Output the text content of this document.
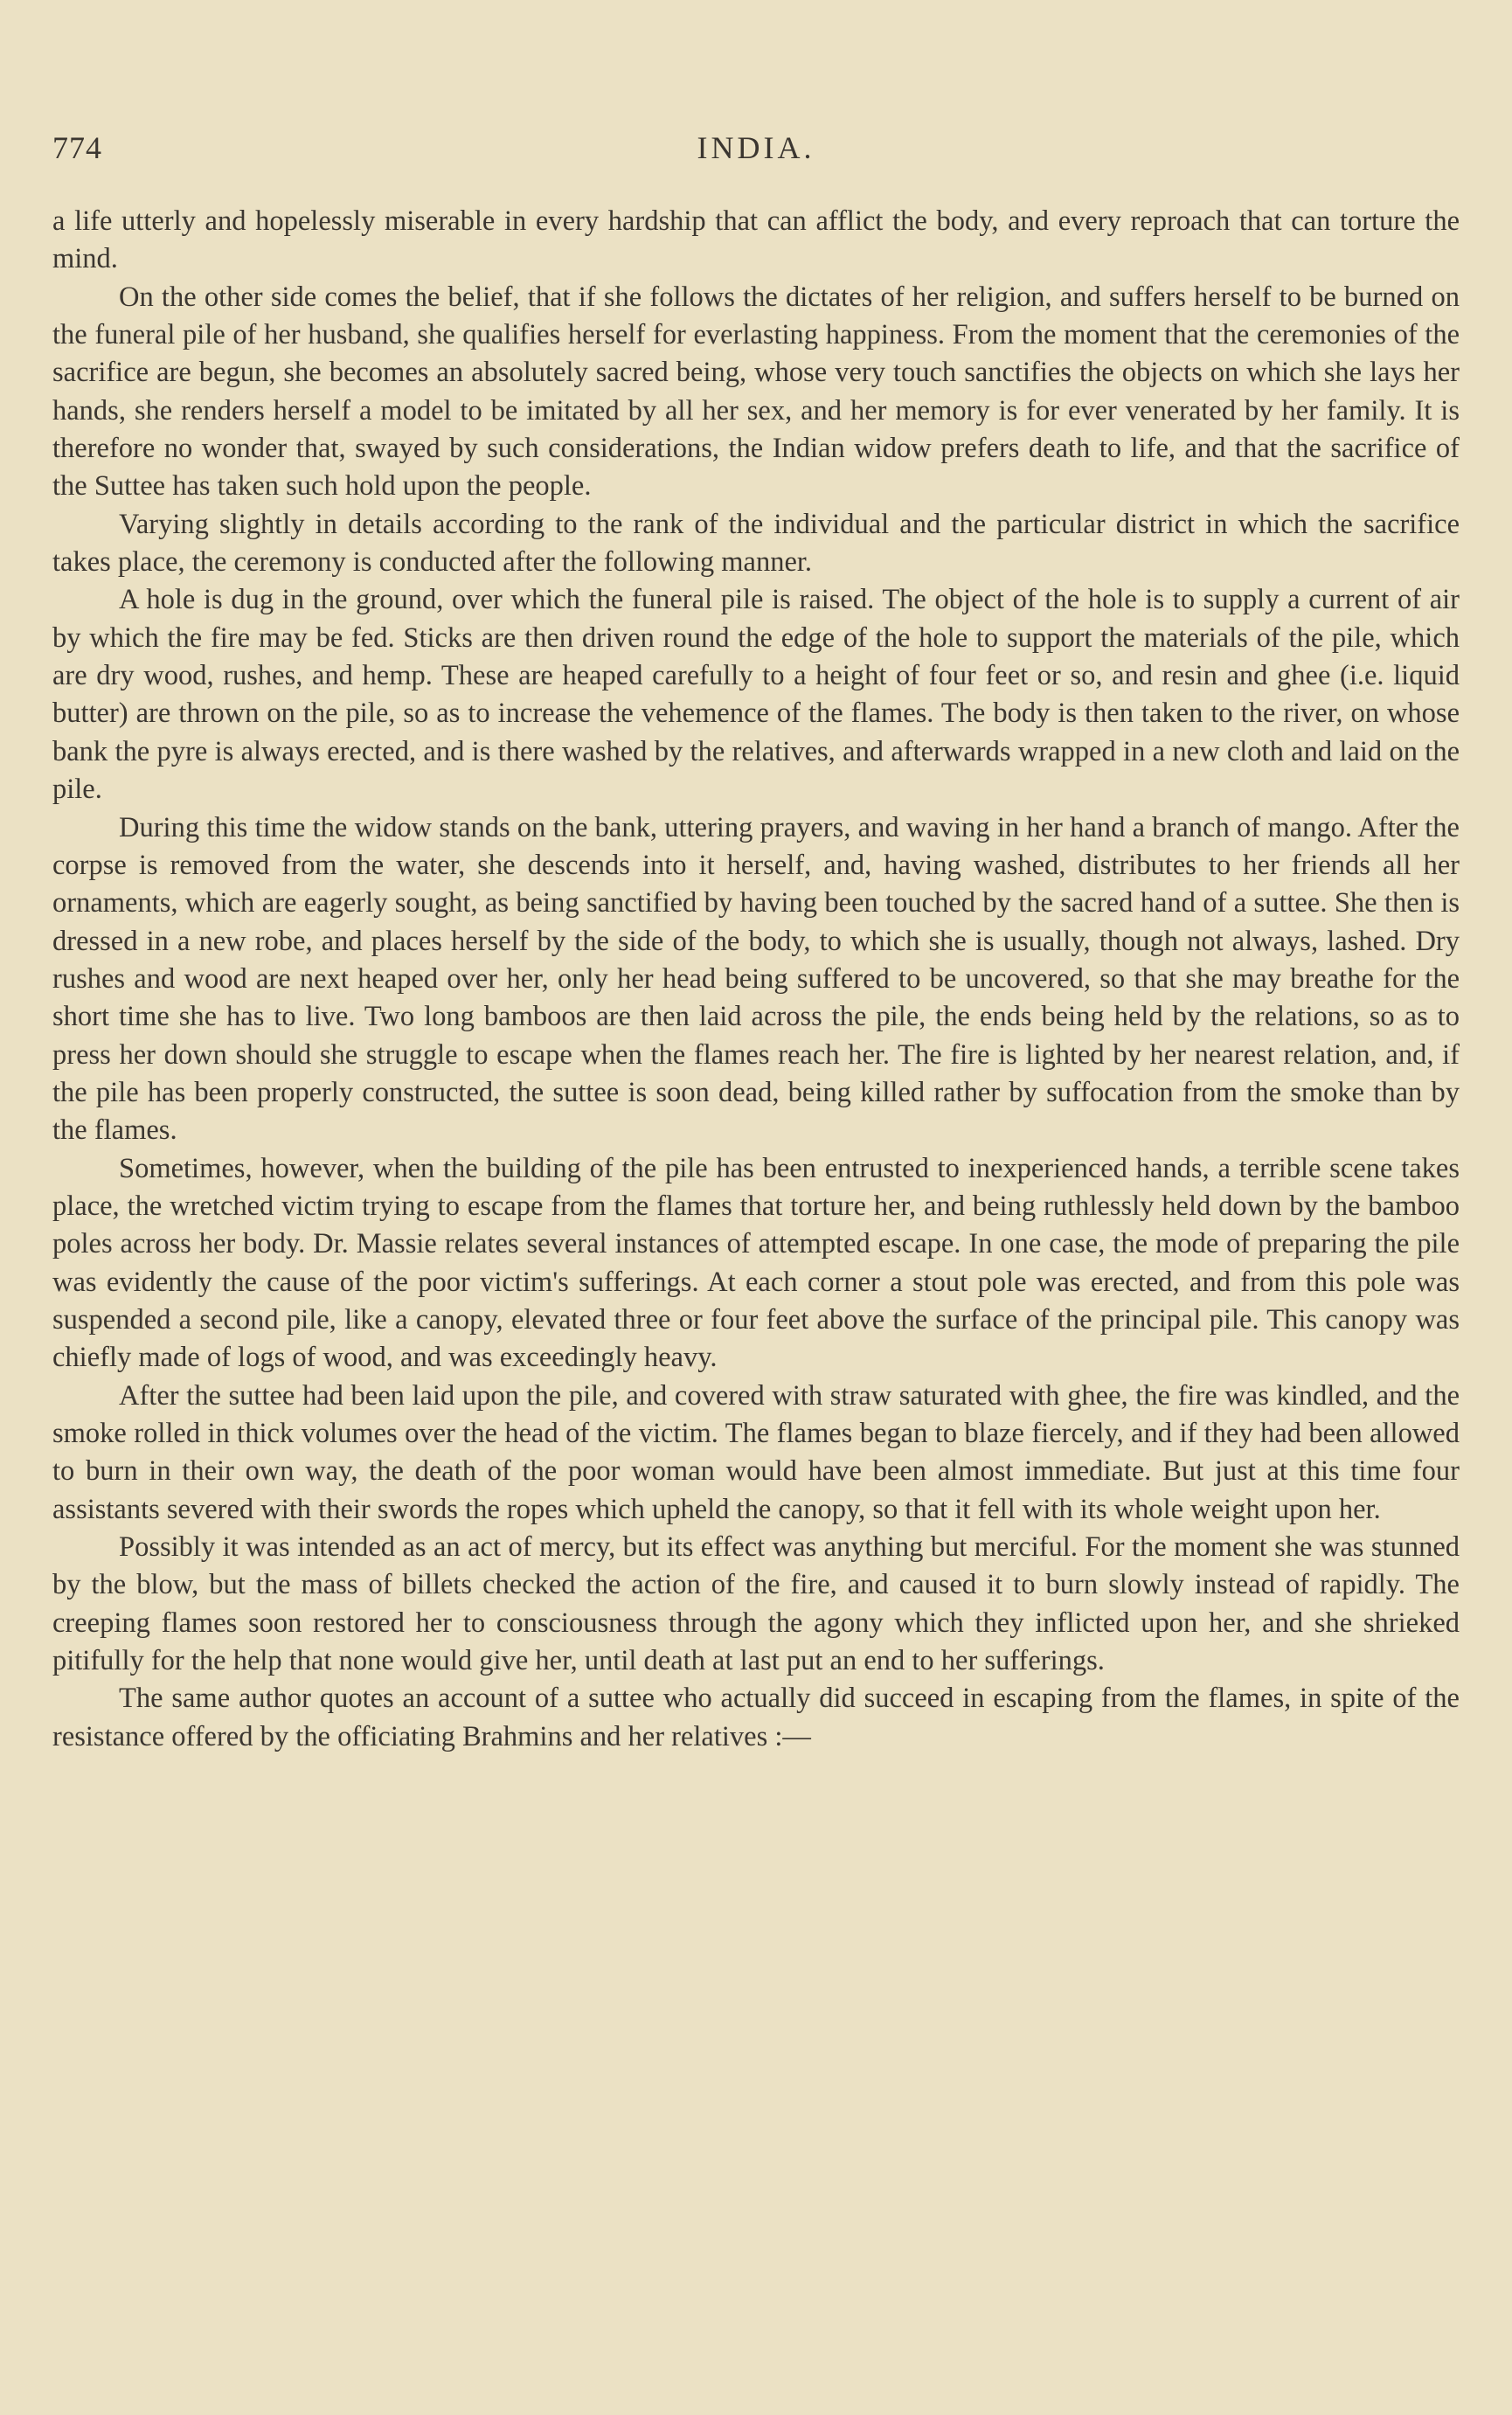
774	INDIA.

a life utterly and hopelessly miserable in every hardship that can afflict the body, and every reproach that can torture the mind.

On the other side comes the belief, that if she follows the dictates of her religion, and suffers herself to be burned on the funeral pile of her husband, she qualifies herself for everlasting happiness. From the moment that the ceremonies of the sacrifice are begun, she becomes an absolutely sacred being, whose very touch sanctifies the objects on which she lays her hands, she renders herself a model to be imitated by all her sex, and her memory is for ever venerated by her family. It is therefore no wonder that, swayed by such considerations, the Indian widow prefers death to life, and that the sacrifice of the Suttee has taken such hold upon the people.

Varying slightly in details according to the rank of the individual and the particular district in which the sacrifice takes place, the ceremony is conducted after the following manner.

A hole is dug in the ground, over which the funeral pile is raised. The object of the hole is to supply a current of air by which the fire may be fed. Sticks are then driven round the edge of the hole to support the materials of the pile, which are dry wood, rushes, and hemp. These are heaped carefully to a height of four feet or so, and resin and ghee (i.e. liquid butter) are thrown on the pile, so as to increase the vehemence of the flames. The body is then taken to the river, on whose bank the pyre is always erected, and is there washed by the relatives, and afterwards wrapped in a new cloth and laid on the pile.

During this time the widow stands on the bank, uttering prayers, and waving in her hand a branch of mango. After the corpse is removed from the water, she descends into it herself, and, having washed, distributes to her friends all her ornaments, which are eagerly sought, as being sanctified by having been touched by the sacred hand of a suttee. She then is dressed in a new robe, and places herself by the side of the body, to which she is usually, though not always, lashed. Dry rushes and wood are next heaped over her, only her head being suffered to be uncovered, so that she may breathe for the short time she has to live. Two long bamboos are then laid across the pile, the ends being held by the relations, so as to press her down should she struggle to escape when the flames reach her. The fire is lighted by her nearest relation, and, if the pile has been properly constructed, the suttee is soon dead, being killed rather by suffocation from the smoke than by the flames.

Sometimes, however, when the building of the pile has been entrusted to inexperienced hands, a terrible scene takes place, the wretched victim trying to escape from the flames that torture her, and being ruthlessly held down by the bamboo poles across her body. Dr. Massie relates several instances of attempted escape. In one case, the mode of preparing the pile was evidently the cause of the poor victim's sufferings. At each corner a stout pole was erected, and from this pole was suspended a second pile, like a canopy, elevated three or four feet above the surface of the principal pile. This canopy was chiefly made of logs of wood, and was exceedingly heavy.

After the suttee had been laid upon the pile, and covered with straw saturated with ghee, the fire was kindled, and the smoke rolled in thick volumes over the head of the victim. The flames began to blaze fiercely, and if they had been allowed to burn in their own way, the death of the poor woman would have been almost immediate. But just at this time four assistants severed with their swords the ropes which upheld the canopy, so that it fell with its whole weight upon her.

Possibly it was intended as an act of mercy, but its effect was anything but merciful. For the moment she was stunned by the blow, but the mass of billets checked the action of the fire, and caused it to burn slowly instead of rapidly. The creeping flames soon restored her to consciousness through the agony which they inflicted upon her, and she shrieked pitifully for the help that none would give her, until death at last put an end to her sufferings.

The same author quotes an account of a suttee who actually did succeed in escaping from the flames, in spite of the resistance offered by the officiating Brahmins and her relatives :—
